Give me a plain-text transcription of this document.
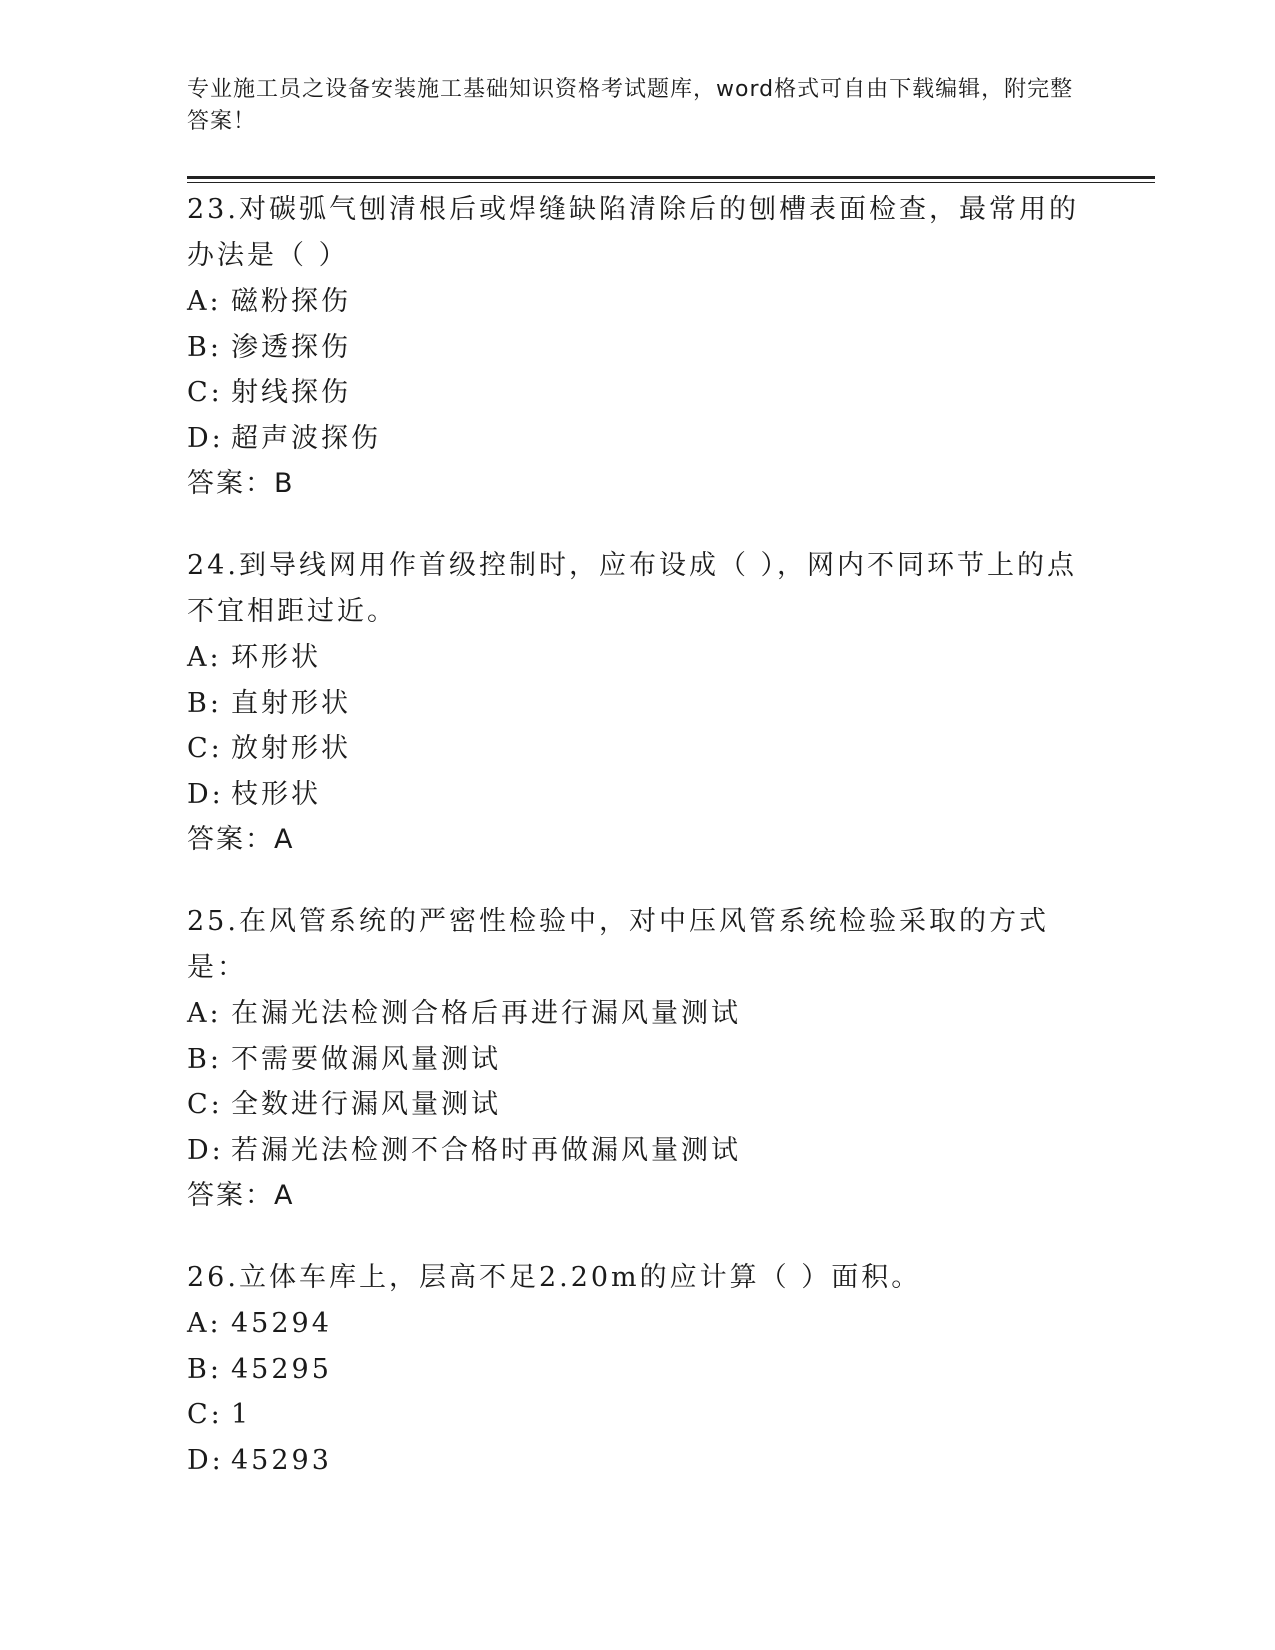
专业施工员之设备安装施工基础知识资格考试题库，word格式可自由下载编辑，附完整答案！

23.对碳弧气刨清根后或焊缝缺陷清除后的刨槽表面检查，最常用的办法是（ ）

A: 磁粉探伤

B: 渗透探伤

C: 射线探伤

D: 超声波探伤

答案：B

24.到导线网用作首级控制时，应布设成（ ），网内不同环节上的点不宜相距过近。

A: 环形状

B: 直射形状

C: 放射形状

D: 枝形状

答案：A

25.在风管系统的严密性检验中，对中压风管系统检验采取的方式是：

A: 在漏光法检测合格后再进行漏风量测试

B: 不需要做漏风量测试

C: 全数进行漏风量测试

D: 若漏光法检测不合格时再做漏风量测试

答案：A

26.立体车库上，层高不足2.20m的应计算（ ）面积。

A: 45294

B: 45295

C: 1

D: 45293
